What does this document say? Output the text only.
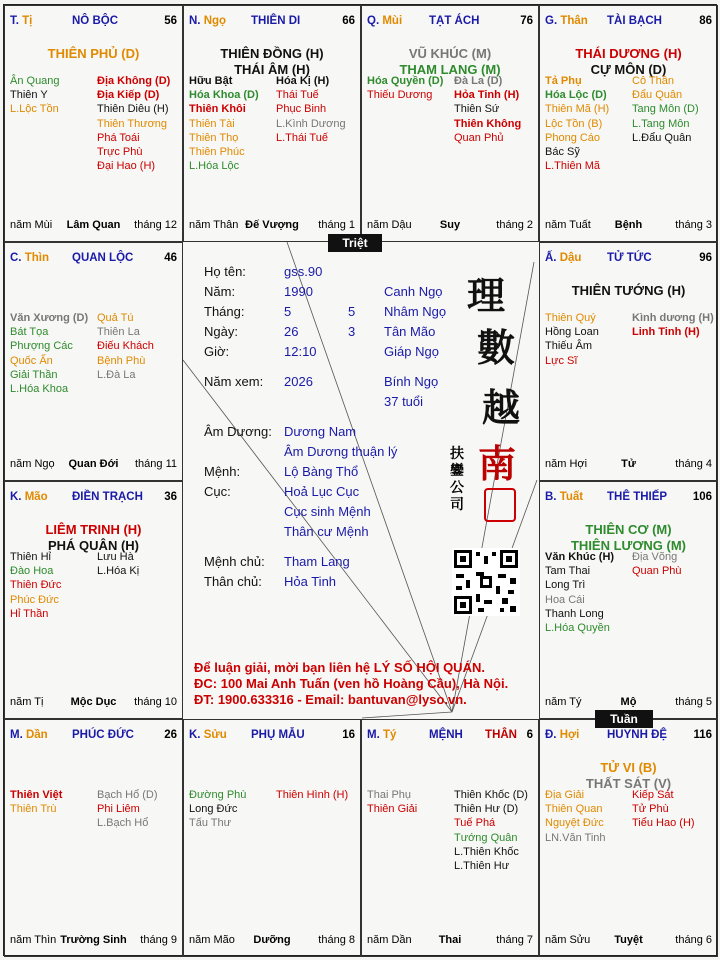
T. Tị	NÔ BỘC	56
THIÊN PHỦ (D)
Ân Quang
Thiên Y
L.Lộc Tồn
Địa Không (D)
Địa Kiếp (D)
Thiên Diêu (H)
Thiên Thương
Phá Toái
Trực Phù
Đại Hao (H)
năm Mùi	Lâm Quan	tháng 12
N. Ngọ THIÊN DI	66
THIÊN ĐỒNG (H)
THÁI ÂM (H)
Hữu Bật
Hóa Khoa (D)
Thiên Khôi
Thiên Tài
Thiên Thọ
Thiên Phúc
L.Hóa Lộc
Hóa Kị (H)
Thái Tuế
Phục Binh
L.Kình Dương
L.Thái Tuế
năm Thân Đế Vượng	tháng 1
Q. Mùi TẠT ÁCH	76
VŨ KHÚC (M)
THAM LANG (M)
Hóa Quyền (D)
Thiếu Dương
Đà La (D)
Hỏa Tinh (H)
Thiên Sứ
Thiên Không
Quan Phủ
năm Dậu	Suy	tháng 2
G. Thân TÀI BẠCH	86
THÁI DƯƠNG (H)
CỰ MÔN (D)
Tả Phụ
Hóa Lộc (D)
Thiên Mã (H)
Lộc Tồn (B)
Phong Cáo
Bác Sỹ
L.Thiên Mã
Cô Thần
Đẩu Quân
Tang Môn (D)
L.Tang Môn
L.Đẩu Quân
năm Tuất	Bệnh	tháng 3
C. Thìn QUAN LỘC	46
Văn Xương (D)
Bát Tọa
Phượng Các
Quốc Ấn
Giải Thần
L.Hóa Khoa
Quả Tú
Thiên La
Điếu Khách
Bệnh Phù
L.Đà La
năm Ngọ	Quan Đới	tháng 11
Ấ. Dậu TỬ TỨC	96
THIÊN TƯỚNG (H)
Thiên Quý
Hồng Loan
Thiếu Âm
Lực Sĩ
Kình dương (H)
Linh Tinh (H)
năm Hợi	Tử	tháng 4
K. Mão ĐIỀN TRẠCH 36
LIÊM TRINH (H)
PHÁ QUÂN (H)
Thiên Hỉ
Đào Hoa
Thiên Đức
Phúc Đức
Hỉ Thần
Lưu Hà
L.Hóa Kị
năm Tị	Mộc Dục	tháng 10
B. Tuất THÊ THIẾP 106
THIÊN CƠ (M)
THIÊN LƯƠNG (M)
Văn Khúc (H)
Tam Thai
Long Trì
Hoa Cái
Thanh Long
L.Hóa Quyền
Địa Võng
Quan Phù
năm Tý	Mộ	tháng 5
M. Dần PHÚC ĐỨC	26
Thiên Việt
Thiên Trù
Bạch Hổ (D)
Phi Liêm
L.Bạch Hổ
năm Thìn Trường Sinh	tháng 9
K. Sửu PHỤ MẪU	16
Đường Phù
Long Đức
Tấu Thư
Thiên Hình (H)
năm Mão	Dưỡng	tháng 8
M. Tý	MỆNH THÂN 6
Thai Phụ
Thiên Giải
Thiên Khốc (D)
Thiên Hư (D)
Tuế Phá
Tướng Quân
L.Thiên Khốc
L.Thiên Hư
năm Dần	Thai	tháng 7
Đ. Hợi HUYNH ĐỆ 116
TỬ VI (B)
THẤT SÁT (V)
Địa Giải
Thiên Quan
Nguyệt Đức
LN.Văn Tinh
Kiếp Sát
Tử Phù
Tiểu Hao (H)
năm Sửu	Tuyệt	tháng 6
Triệt
Tuần
Họ tên:	gss.90
Năm:	1990	Canh Ngọ
Tháng:	5	5 Nhâm Ngọ
Ngày:	26	3 Tân Mão
Giờ:	12:10	Giáp Ngọ
Năm xem: 2026	Bính Ngọ
37 tuổi
Âm Dương: Dương Nam
Âm Dương thuận lý
Mệnh:	Lộ Bàng Thổ
Cục:	Hoả Lục Cục
Cục sinh Mệnh
Thân cư Mệnh
Mệnh chủ: Tham Lang
Thân chủ: Hỏa Tinh
理
數
越
南
扶
鑾
公
司
Để luận giải, mời bạn liên hệ LÝ SỐ HỘI QUÁN.
ĐC: 100 Mai Anh Tuấn (ven hồ Hoàng Cầu), Hà Nội.
ĐT: 1900.633316 - Email: bantuvan@lyso.vn.
